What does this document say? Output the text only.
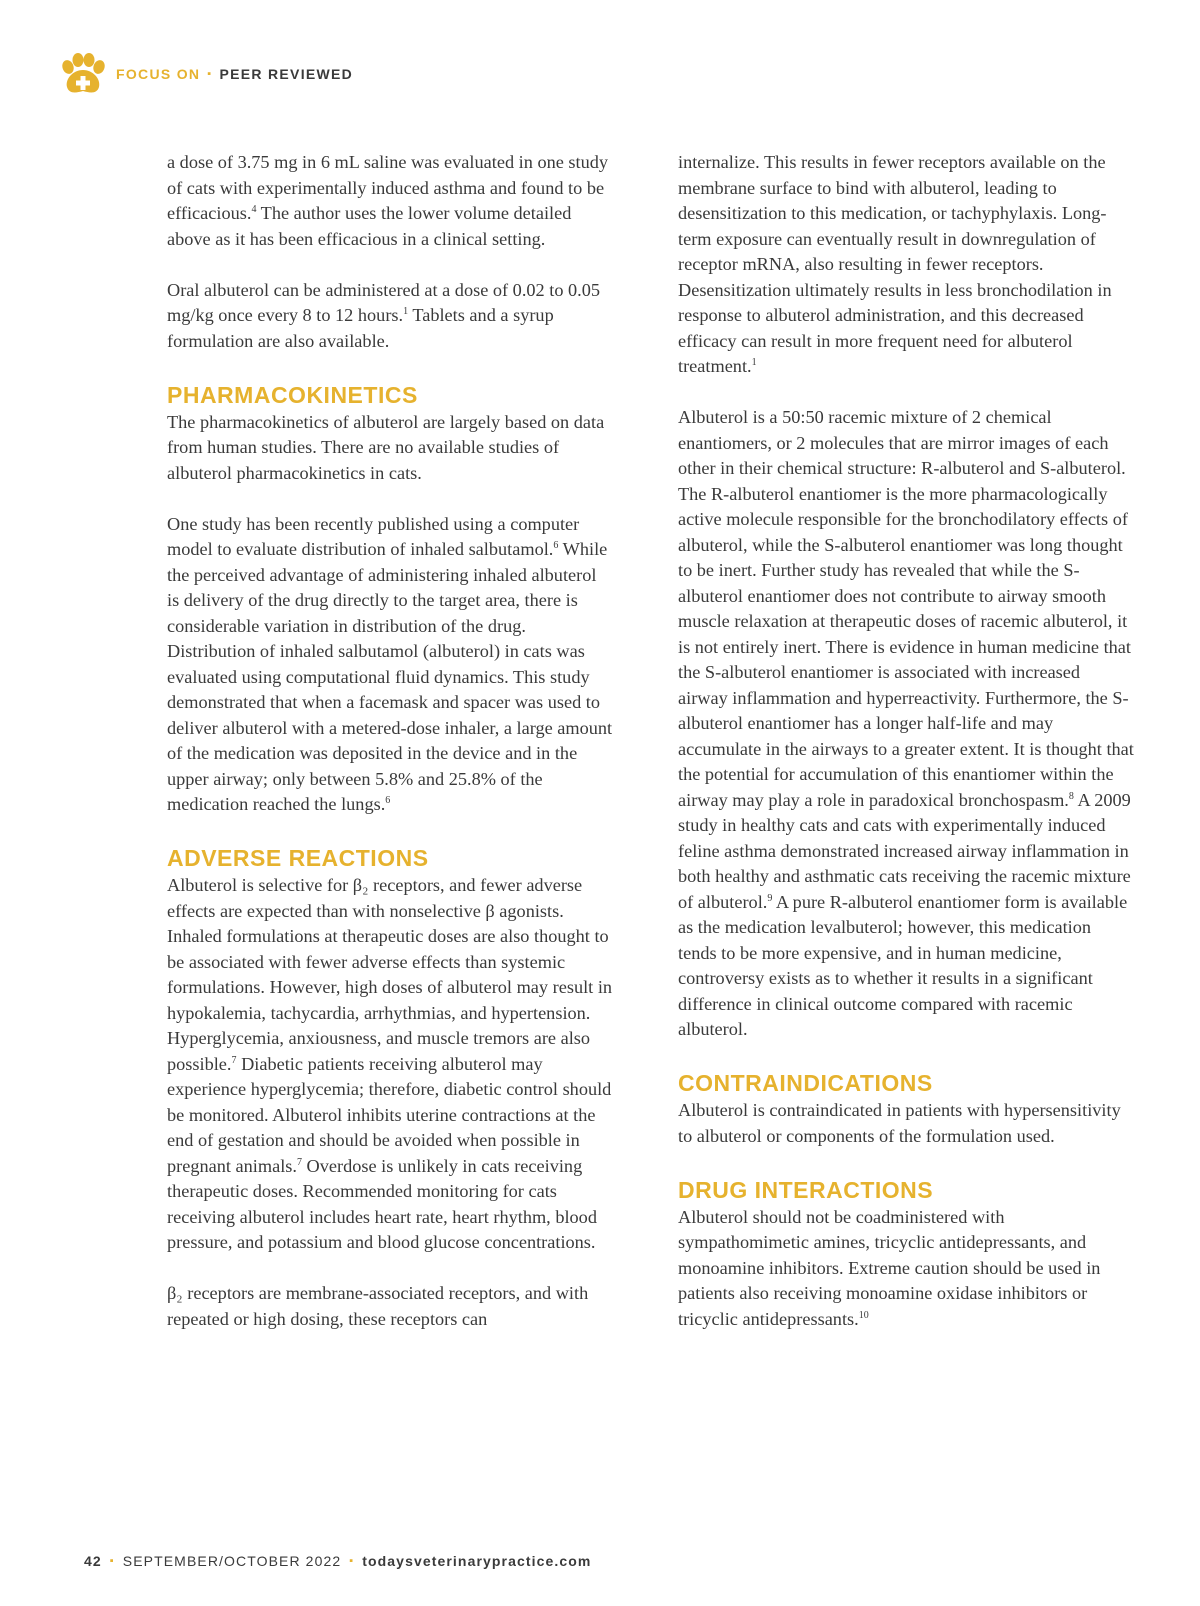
FOCUS ON ▪ PEER REVIEWED

a dose of 3.75 mg in 6 mL saline was evaluated in one study of cats with experimentally induced asthma and found to be efficacious.$^4$ The author uses the lower volume detailed above as it has been efficacious in a clinical setting.

Oral albuterol can be administered at a dose of 0.02 to 0.05 mg/kg once every 8 to 12 hours.$^1$ Tablets and a syrup formulation are also available.

PHARMACOKINETICS

The pharmacokinetics of albuterol are largely based on data from human studies. There are no available studies of albuterol pharmacokinetics in cats.

One study has been recently published using a computer model to evaluate distribution of inhaled salbutamol.$^6$ While the perceived advantage of administering inhaled albuterol is delivery of the drug directly to the target area, there is considerable variation in distribution of the drug. Distribution of inhaled salbutamol (albuterol) in cats was evaluated using computational fluid dynamics. This study demonstrated that when a facemask and spacer was used to deliver albuterol with a metered-dose inhaler, a large amount of the medication was deposited in the device and in the upper airway; only between 5.8% and 25.8% of the medication reached the lungs.$^6$

ADVERSE REACTIONS

Albuterol is selective for β₂ receptors, and fewer adverse effects are expected than with nonselective β agonists. Inhaled formulations at therapeutic doses are also thought to be associated with fewer adverse effects than systemic formulations. However, high doses of albuterol may result in hypokalemia, tachycardia, arrhythmias, and hypertension. Hyperglycemia, anxiousness, and muscle tremors are also possible.$^7$ Diabetic patients receiving albuterol may experience hyperglycemia; therefore, diabetic control should be monitored. Albuterol inhibits uterine contractions at the end of gestation and should be avoided when possible in pregnant animals.$^7$ Overdose is unlikely in cats receiving therapeutic doses. Recommended monitoring for cats receiving albuterol includes heart rate, heart rhythm, blood pressure, and potassium and blood glucose concentrations.

β₂ receptors are membrane-associated receptors, and with repeated or high dosing, these receptors can

internalize. This results in fewer receptors available on the membrane surface to bind with albuterol, leading to desensitization to this medication, or tachyphylaxis. Long-term exposure can eventually result in downregulation of receptor mRNA, also resulting in fewer receptors. Desensitization ultimately results in less bronchodilation in response to albuterol administration, and this decreased efficacy can result in more frequent need for albuterol treatment.$^1$

Albuterol is a 50:50 racemic mixture of 2 chemical enantiomers, or 2 molecules that are mirror images of each other in their chemical structure: R-albuterol and S-albuterol. The R-albuterol enantiomer is the more pharmacologically active molecule responsible for the bronchodilatory effects of albuterol, while the S-albuterol enantiomer was long thought to be inert. Further study has revealed that while the S-albuterol enantiomer does not contribute to airway smooth muscle relaxation at therapeutic doses of racemic albuterol, it is not entirely inert. There is evidence in human medicine that the S-albuterol enantiomer is associated with increased airway inflammation and hyperreactivity. Furthermore, the S-albuterol enantiomer has a longer half-life and may accumulate in the airways to a greater extent. It is thought that the potential for accumulation of this enantiomer within the airway may play a role in paradoxical bronchospasm.$^8$ A 2009 study in healthy cats and cats with experimentally induced feline asthma demonstrated increased airway inflammation in both healthy and asthmatic cats receiving the racemic mixture of albuterol.$^9$ A pure R-albuterol enantiomer form is available as the medication levalbuterol; however, this medication tends to be more expensive, and in human medicine, controversy exists as to whether it results in a significant difference in clinical outcome compared with racemic albuterol.

CONTRAINDICATIONS

Albuterol is contraindicated in patients with hypersensitivity to albuterol or components of the formulation used.

DRUG INTERACTIONS

Albuterol should not be coadministered with sympathomimetic amines, tricyclic antidepressants, and monoamine inhibitors. Extreme caution should be used in patients also receiving monoamine oxidase inhibitors or tricyclic antidepressants.$^{10}$

42 ▪ SEPTEMBER/OCTOBER 2022 ▪ todaysveterinarypractice.com
